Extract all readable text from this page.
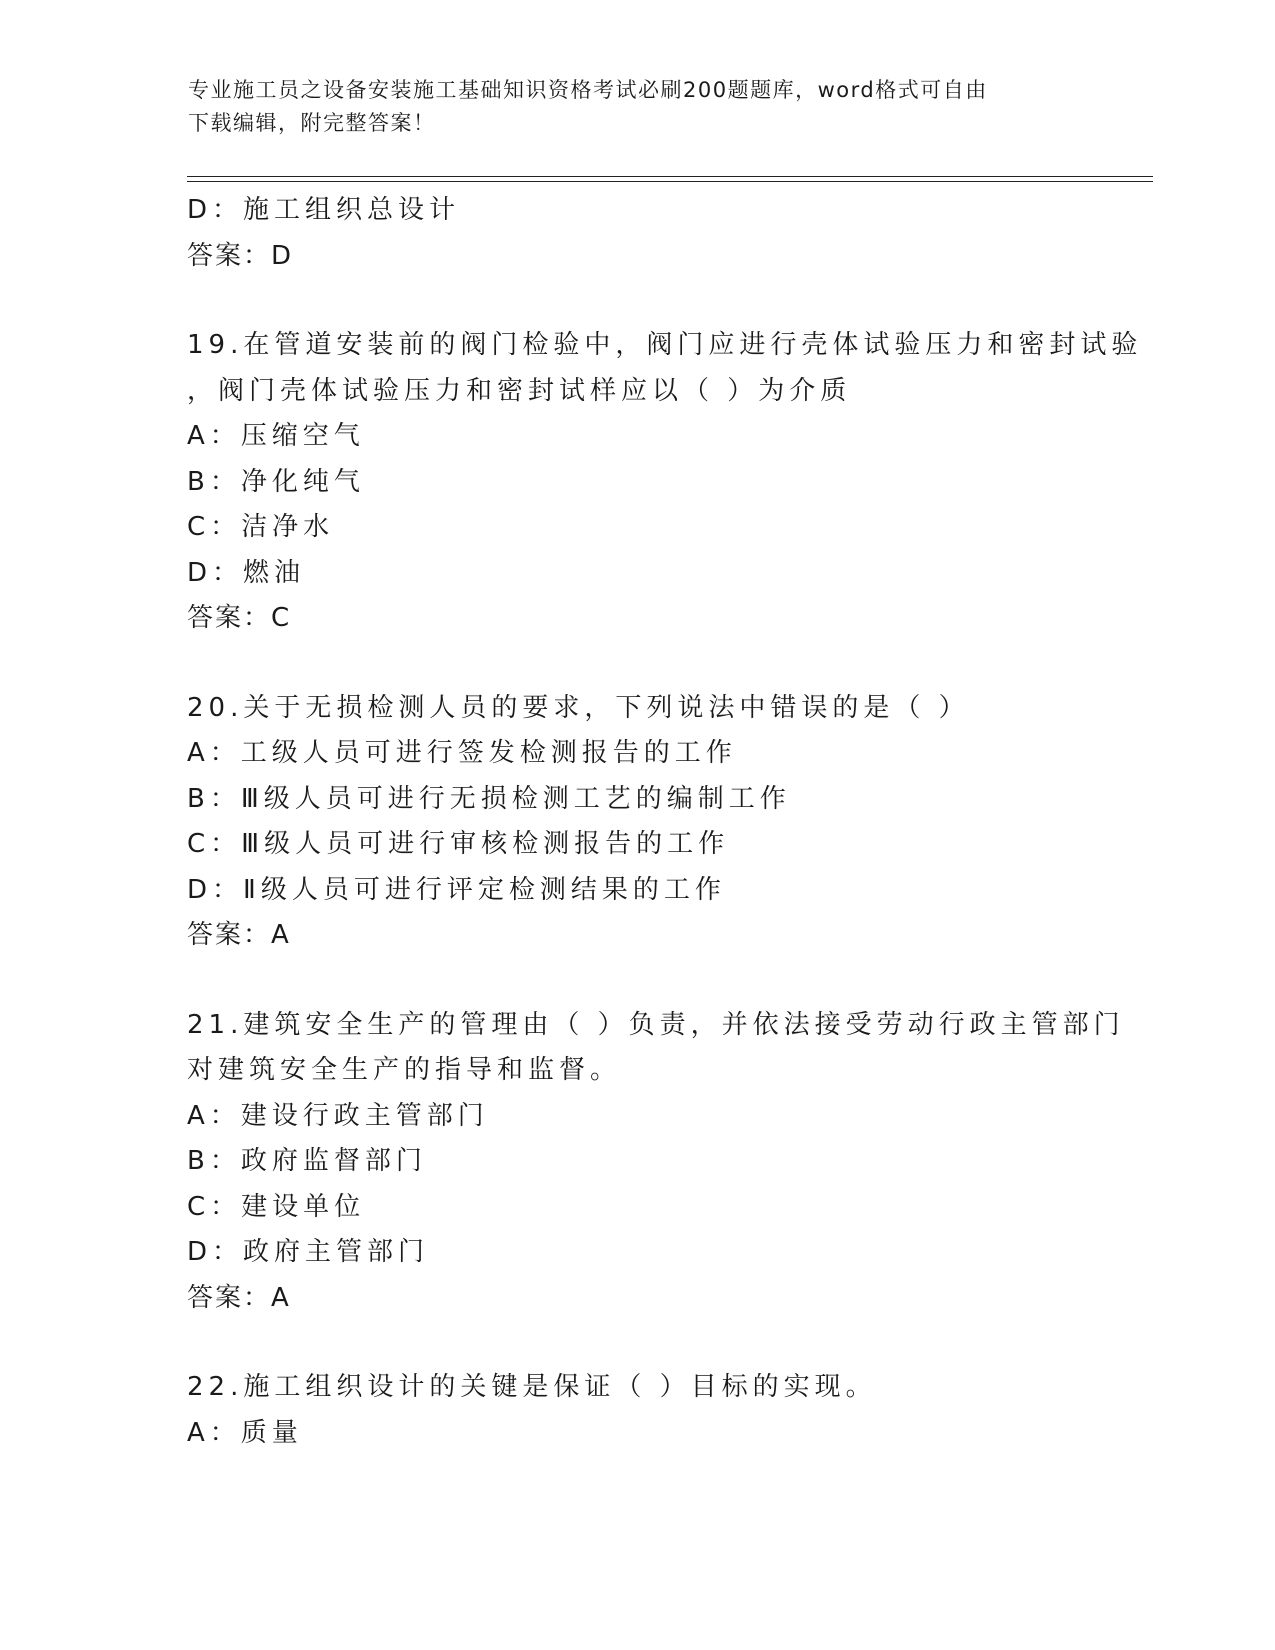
专业施工员之设备安装施工基础知识资格考试必刷200题题库，word格式可自由
下载编辑，附完整答案！
D：施工组织总设计
答案：D
19.在管道安装前的阀门检验中，阀门应进行壳体试验压力和密封试验
，阀门壳体试验压力和密封试样应以（ ）为介质
A：压缩空气
B：净化纯气
C：洁净水
D：燃油
答案：C
20.关于无损检测人员的要求，下列说法中错误的是（ ）
A：工级人员可进行签发检测报告的工作
B：Ⅲ级人员可进行无损检测工艺的编制工作
C：Ⅲ级人员可进行审核检测报告的工作
D：Ⅱ级人员可进行评定检测结果的工作
答案：A
21.建筑安全生产的管理由（ ）负责，并依法接受劳动行政主管部门
对建筑安全生产的指导和监督。
A：建设行政主管部门
B：政府监督部门
C：建设单位
D：政府主管部门
答案：A
22.施工组织设计的关键是保证（ ）目标的实现。
A：质量
